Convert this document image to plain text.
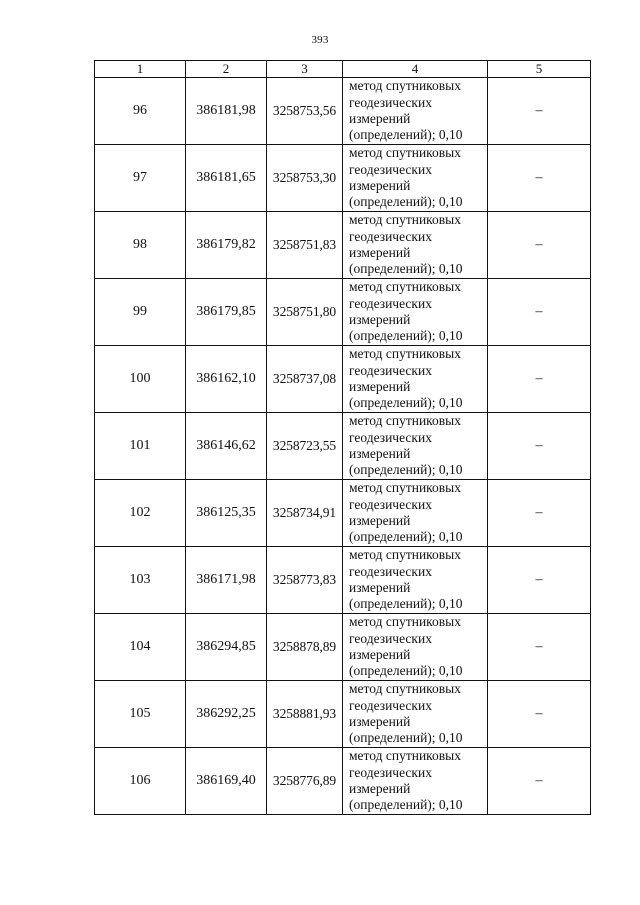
393
1	2	3	4	5
96	386181,98	3258753,56	метод спутниковых
геодезических
измерений
(определений); 0,10	–
97	386181,65	3258753,30	метод спутниковых
геодезических
измерений
(определений); 0,10	–
98	386179,82	3258751,83	метод спутниковых
геодезических
измерений
(определений); 0,10	–
99	386179,85	3258751,80	метод спутниковых
геодезических
измерений
(определений); 0,10	–
100	386162,10	3258737,08	метод спутниковых
геодезических
измерений
(определений); 0,10	–
101	386146,62	3258723,55	метод спутниковых
геодезических
измерений
(определений); 0,10	–
102	386125,35	3258734,91	метод спутниковых
геодезических
измерений
(определений); 0,10	–
103	386171,98	3258773,83	метод спутниковых
геодезических
измерений
(определений); 0,10	–
104	386294,85	3258878,89	метод спутниковых
геодезических
измерений
(определений); 0,10	–
105	386292,25	3258881,93	метод спутниковых
геодезических
измерений
(определений); 0,10	–
106	386169,40	3258776,89	метод спутниковых
геодезических
измерений
(определений); 0,10	–
